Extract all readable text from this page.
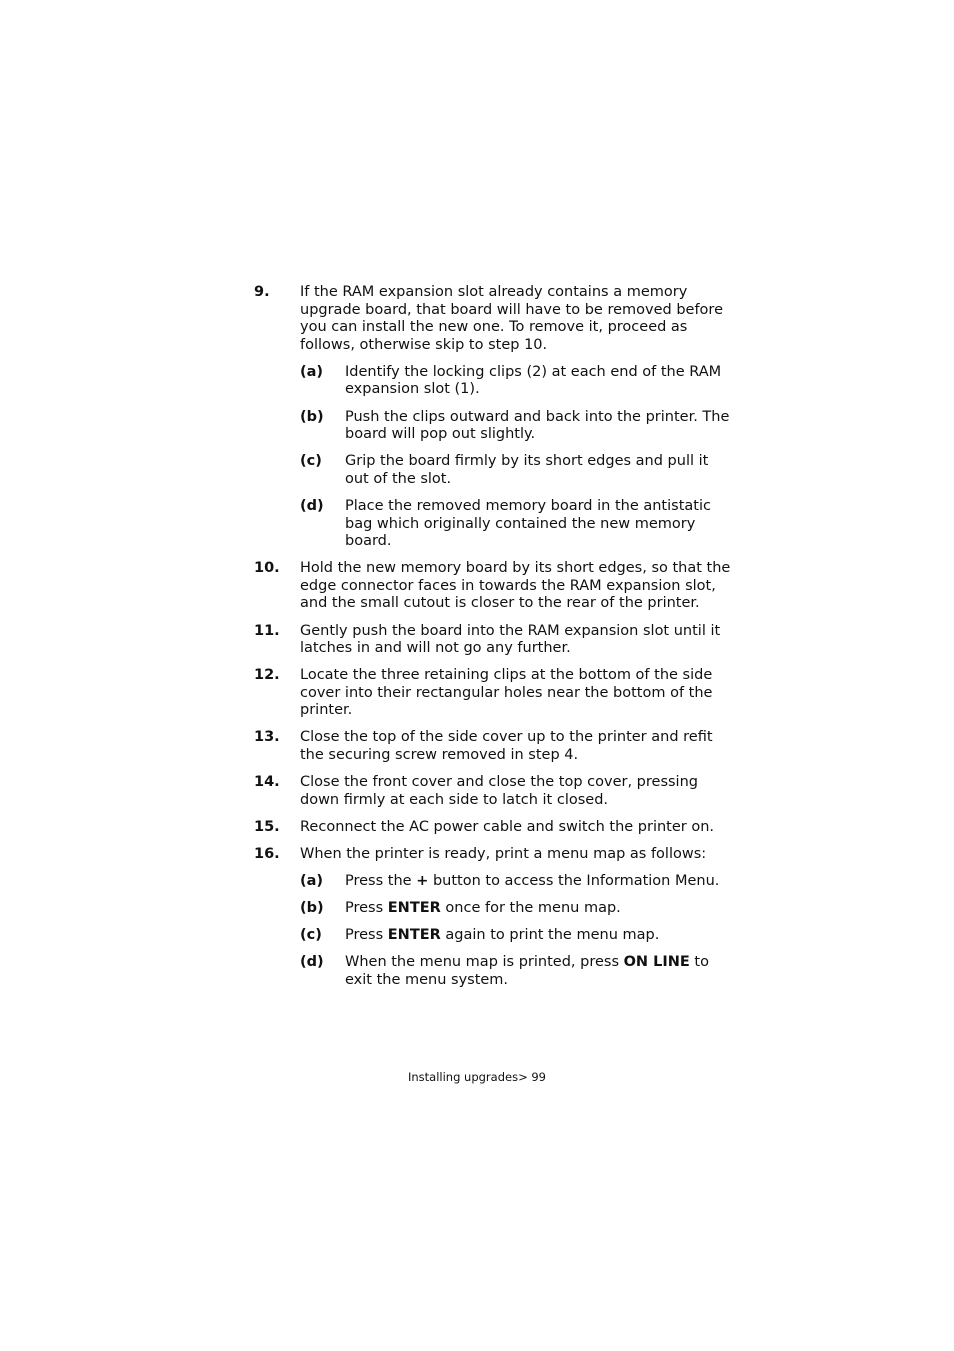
9.	If the RAM expansion slot already contains a memory upgrade board, that board will have to be removed before you can install the new one. To remove it, proceed as follows, otherwise skip to step 10.
(a)	Identify the locking clips (2) at each end of the RAM expansion slot (1).
(b)	Push the clips outward and back into the printer. The board will pop out slightly.
(c)	Grip the board firmly by its short edges and pull it out of the slot.
(d)	Place the removed memory board in the antistatic bag which originally contained the new memory board.
10.	Hold the new memory board by its short edges, so that the edge connector faces in towards the RAM expansion slot, and the small cutout is closer to the rear of the printer.
11.	Gently push the board into the RAM expansion slot until it latches in and will not go any further.
12.	Locate the three retaining clips at the bottom of the side cover into their rectangular holes near the bottom of the printer.
13.	Close the top of the side cover up to the printer and refit the securing screw removed in step 4.
14.	Close the front cover and close the top cover, pressing down firmly at each side to latch it closed.
15.	Reconnect the AC power cable and switch the printer on.
16.	When the printer is ready, print a menu map as follows:
(a)	Press the + button to access the Information Menu.
(b)	Press ENTER once for the menu map.
(c)	Press ENTER again to print the menu map.
(d)	When the menu map is printed, press ON LINE to exit the menu system.
Installing upgrades> 99
